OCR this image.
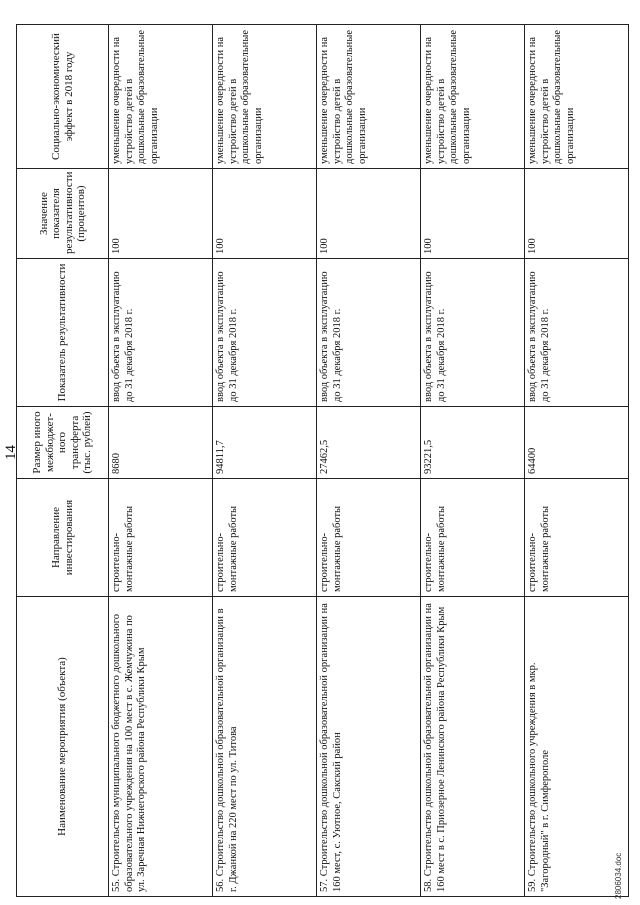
14
Наименование мероприятия (объекта)	Направление инвестирования	Размер иного межбюджет-ного трансферта (тыс. рублей)	Показатель результативности	Значение показателя результативности (процентов)	Социально-экономический эффект в 2018 году
55. Строительство муниципального бюджетного дошкольного образовательного учреждения на 100 мест в с. Жемчужина по ул. Заречная Нижнегорского района Республики Крым	строительно-монтажные работы	8680	ввод объекта в эксплуатацию до 31 декабря 2018 г.	100	уменьшение очередности на устройство детей в дошкольные образовательные организации
56. Строительство дошкольной образовательной организации в г. Джанкой на 220 мест по ул. Титова	строительно-монтажные работы	94811,7	ввод объекта в эксплуатацию до 31 декабря 2018 г.	100	уменьшение очередности на устройство детей в дошкольные образовательные организации
57. Строительство дошкольной образовательной организации на 160 мест, с. Уютное, Сакский район	строительно-монтажные работы	27462,5	ввод объекта в эксплуатацию до 31 декабря 2018 г.	100	уменьшение очередности на устройство детей в дошкольные образовательные организации
58. Строительство дошкольной образовательной организации на 160 мест в с. Приозерное Ленинского района Республики Крым	строительно-монтажные работы	93221,5	ввод объекта в эксплуатацию до 31 декабря 2018 г.	100	уменьшение очередности на устройство детей в дошкольные образовательные организации
59. Строительство дошкольного учреждения в мкр. "Загородный" в г. Симферополе	строительно-монтажные работы	64400	ввод объекта в эксплуатацию до 31 декабря 2018 г.	100	уменьшение очередности на устройство детей в дошкольные образовательные организации
2806034.doc
